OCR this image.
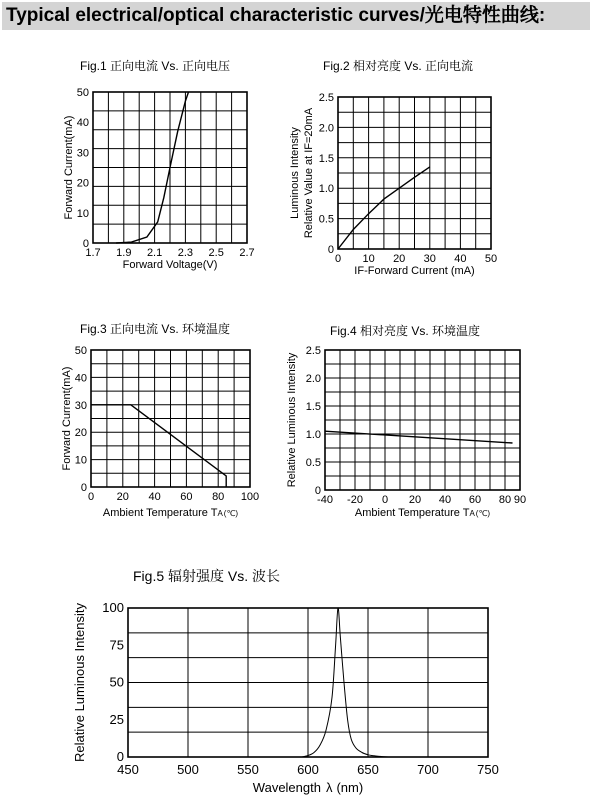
Typical electrical/optical characteristic curves/光电特性曲线:
Fig.1 正向电流 Vs. 正向电压
1.7 1.9 2.1 2.3 2.5 2.7
0
10
20
30
40
50
Forward Voltage(V)
Forward Current(mA)
Fig.2 相对亮度 Vs. 正向电流
0 10 20 30 40 50
0
0.5
1.0
1.5
2.0
2.5
IF-Forward Current (mA)
Luminous Intensity Relative Value at IF=20mA
Fig.3 正向电流 Vs. 环境温度
0 20 40 60 80 100
0
10
20
30
40
50
Ambient Temperature TA(℃)
Forward Current(mA)
Fig.4 相对亮度 Vs. 环境温度
-40 -20 0 20 40 60 80 90
0
0.5
1.0
1.5
2.0
2.5
Ambient Temperature TA(℃)
Relative Luminous Intensity
Fig.5 辐射强度 Vs. 波长
450	500	550	600	650	700	750
0
25
50
75
100
Wavelength λ (nm)
Relative Luminous Intensity
